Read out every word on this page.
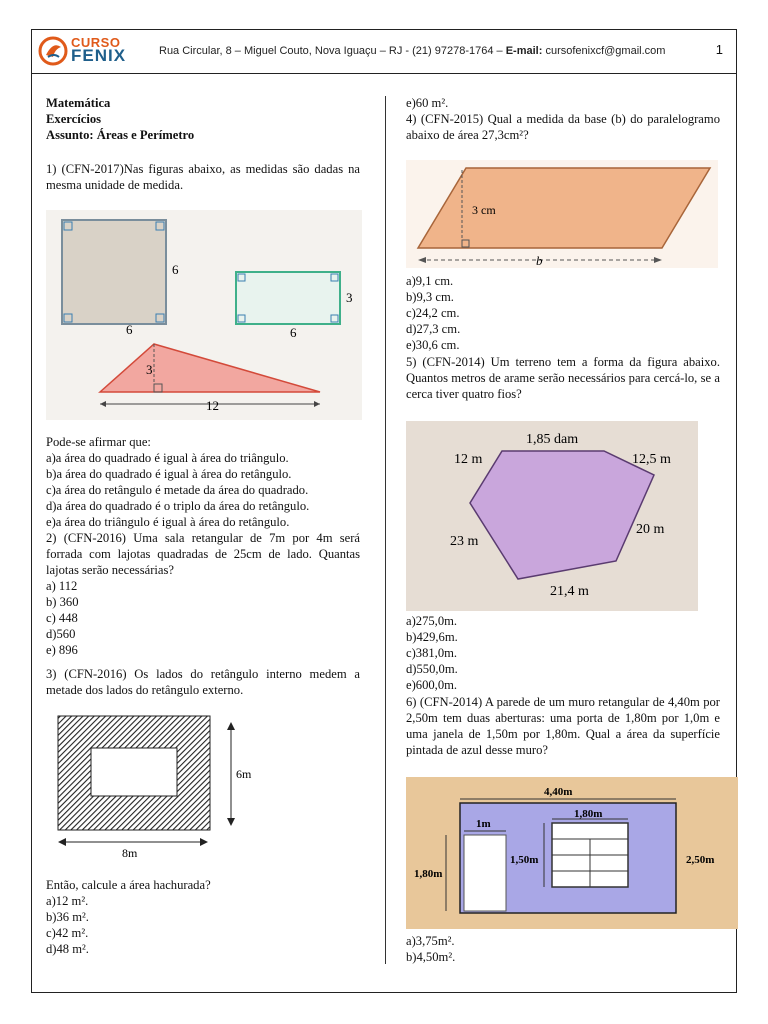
CURSO
FENIX	Rua Circular, 8 – Miguel Couto, Nova Iguaçu – RJ - (21) 97278-1764 – E-mail: cursofenixcf@gmail.com	1

Matemática

Exercícios

Assunto: Áreas e Perímetro

1) (CFN-2017)Nas figuras abaixo, as medidas são dadas na mesma unidade de medida.

6
6
3
6
3
12

Pode-se afirmar que:

a)a área do quadrado é igual à área do triângulo.

b)a área do quadrado é igual à área do retângulo.

c)a área do retângulo é metade da área do quadrado.

d)a área do quadrado é o triplo da área do retângulo.

e)a área do triângulo é igual à área do retângulo.

2) (CFN-2016) Uma sala retangular de 7m por 4m será forrada com lajotas quadradas de 25cm de lado. Quantas lajotas serão necessárias?

a) 112

b) 360

c) 448

d)560

e) 896

3) (CFN-2016) Os lados do retângulo interno medem a metade dos lados do retângulo externo.

6m
8m

Então, calcule a área hachurada?

a)12 m².

b)36 m².

c)42 m².

d)48 m².

e)60 m².

4) (CFN-2015) Qual a medida da base (b) do paralelogramo abaixo de área 27,3cm²?

3 cm
b

a)9,1 cm.

b)9,3 cm.

c)24,2 cm.

d)27,3 cm.

e)30,6 cm.

5) (CFN-2014) Um terreno tem a forma da figura abaixo. Quantos metros de arame serão necessários para cercá-lo, se a cerca tiver quatro fios?

1,85 dam
12 m	12,5 m
20 m
23 m
21,4 m

a)275,0m.

b)429,6m.

c)381,0m.

d)550,0m.

e)600,0m.

6) (CFN-2014) A parede de um muro retangular de 4,40m por 2,50m tem duas aberturas: uma porta de 1,80m por 1,0m e uma janela de 1,50m por 1,80m. Qual a área da superfície pintada de azul desse muro?

4,40m
1m
1,80m
1,50m
1,80m
2,50m

a)3,75m².

b)4,50m².
